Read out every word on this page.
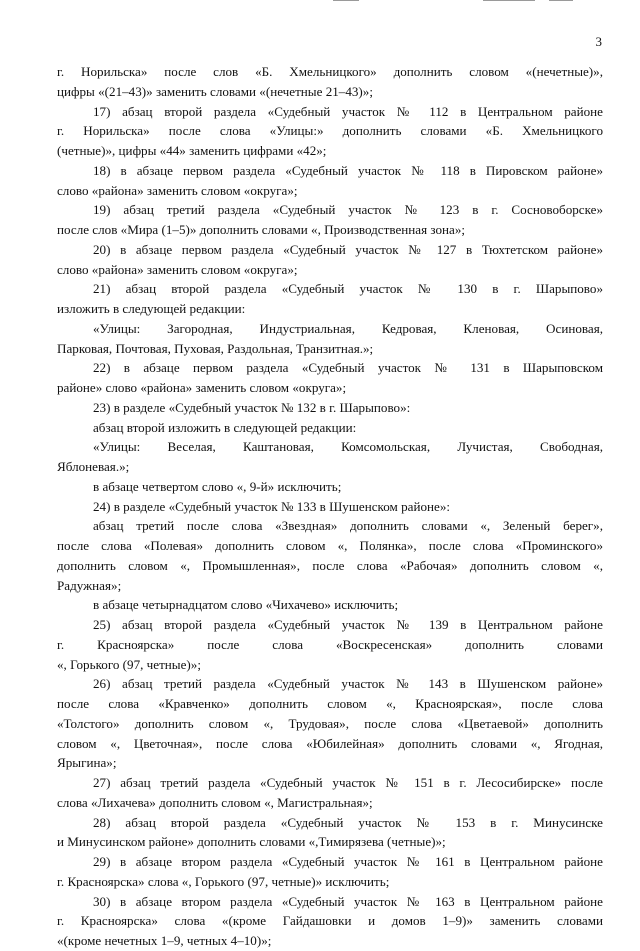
3
г. Норильска» после слов «Б. Хмельницкого» дополнить словом «(нечетные)»,
цифры «(21–43)» заменить словами «(нечетные 21–43)»;
17) абзац второй раздела «Судебный участок № 112 в Центральном районе
г. Норильска» после слова «Улицы:» дополнить словами «Б. Хмельницкого
(четные)», цифры «44» заменить цифрами «42»;
18) в абзаце первом раздела «Судебный участок № 118 в Пировском районе»
слово «района» заменить словом «округа»;
19) абзац третий раздела «Судебный участок № 123 в г. Сосновоборске»
после слов «Мира (1–5)» дополнить словами «, Производственная зона»;
20) в абзаце первом раздела «Судебный участок № 127 в Тюхтетском районе»
слово «района» заменить словом «округа»;
21) абзац второй раздела «Судебный участок № 130 в г. Шарыпово»
изложить в следующей редакции:
«Улицы: Загородная, Индустриальная, Кедровая, Кленовая, Осиновая,
Парковая, Почтовая, Пуховая, Раздольная, Транзитная.»;
22) в абзаце первом раздела «Судебный участок № 131 в Шарыповском
районе» слово «района» заменить словом «округа»;
23) в разделе «Судебный участок № 132 в г. Шарыпово»:
абзац второй изложить в следующей редакции:
«Улицы: Веселая, Каштановая, Комсомольская, Лучистая, Свободная,
Яблоневая.»;
в абзаце четвертом слово «, 9-й» исключить;
24) в разделе «Судебный участок № 133 в Шушенском районе»:
абзац третий после слова «Звездная» дополнить словами «, Зеленый берег»,
после слова «Полевая» дополнить словом «, Полянка», после слова «Проминского»
дополнить словом «, Промышленная», после слова «Рабочая» дополнить словом «,
Радужная»;
в абзаце четырнадцатом слово «Чихачево» исключить;
25) абзац второй раздела «Судебный участок № 139 в Центральном районе
г. Красноярска» после слова «Воскресенская» дополнить словами
«, Горького (97, четные)»;
26) абзац третий раздела «Судебный участок № 143 в Шушенском районе»
после слова «Кравченко» дополнить словом «, Красноярская», после слова
«Толстого» дополнить словом «, Трудовая», после слова «Цветаевой» дополнить
словом «, Цветочная», после слова «Юбилейная» дополнить словами «, Ягодная,
Ярыгина»;
27) абзац третий раздела «Судебный участок № 151 в г. Лесосибирске» после
слова «Лихачева» дополнить словом «, Магистральная»;
28) абзац второй раздела «Судебный участок № 153 в г. Минусинске
и Минусинском районе» дополнить словами «,Тимирязева (четные)»;
29) в абзаце втором раздела «Судебный участок № 161 в Центральном районе
г. Красноярска» слова «, Горького (97, четные)» исключить;
30) в абзаце втором раздела «Судебный участок № 163 в Центральном районе
г. Красноярска» слова «(кроме Гайдашовки и домов 1–9)» заменить словами
«(кроме нечетных 1–9, четных 4–10)»;
